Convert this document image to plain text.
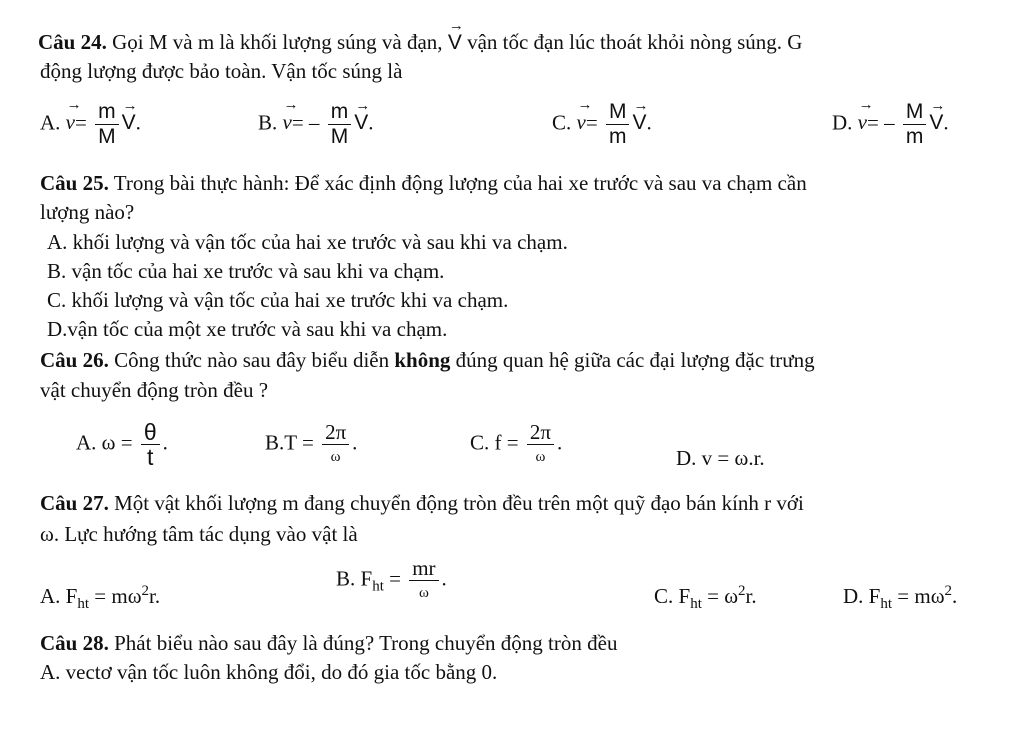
Câu 24. Gọi M và m là khối lượng súng và đạn, → V vận tốc đạn lúc thoát khỏi nòng súng. G
động lượng được bảo toàn. Vận tốc súng là
A. → $v= \frac{m}{M}$
→ V.	B. → $v= - \frac{m}{M}$
→ V.	C. → $v= \frac{M}{m}$
→ V.	D. → $v= - \frac{M}{m}$
→ V.
Câu 25. Trong bài thực hành: Để xác định động lượng của hai xe trước và sau va chạm cần
lượng nào?
A. khối lượng và vận tốc của hai xe trước và sau khi va chạm.
B. vận tốc của hai xe trước và sau khi va chạm.
C. khối lượng và vận tốc của hai xe trước khi va chạm.
D.vận tốc của một xe trước và sau khi va chạm.
Câu 26. Công thức nào sau đây biểu diễn không đúng quan hệ giữa các đại lượng đặc trưng
vật chuyển động tròn đều ?
A. $\omega = \frac{\theta}{t}$ .	$B.T = \frac{2\pi}{\omega}$ .	C. $f = \frac{2\pi}{\omega}$ .
D. v = ω.r.
Câu 27. Một vật khối lượng m đang chuyển động tròn đều trên một quỹ đạo bán kính r với
ω. Lực hướng tâm tác dụng vào vật là
A. $F_{ht} = m\omega^2r$.
B. $F_{ht} = \frac{mr}{\omega}$ .
C. $F_{ht} = \omega^2r$.	D. $F_{ht} = m\omega^2$.
Câu 28. Phát biểu nào sau đây là đúng? Trong chuyển động tròn đều
A. vectơ vận tốc luôn không đổi, do đó gia tốc bằng 0.
